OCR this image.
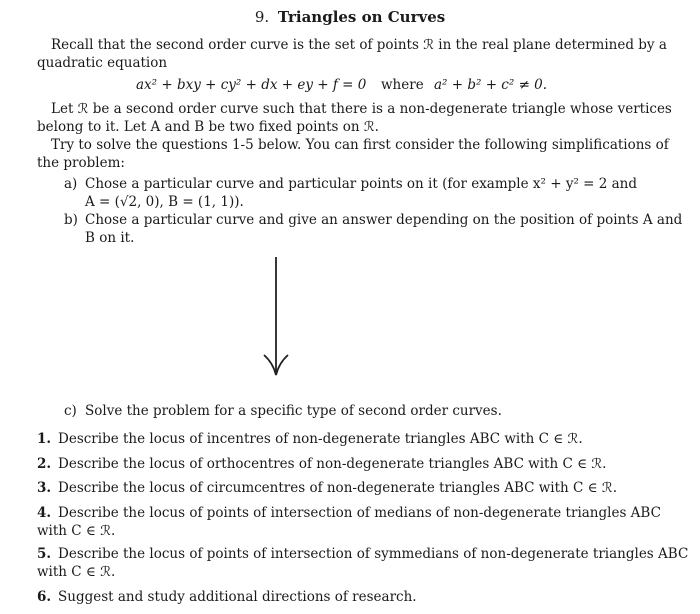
9. Triangles on Curves
Recall that the second order curve is the set of points ℛ in the real plane determined by a
quadratic equation
ax² + bxy + cy² + dx + ey + f = 0 where a² + b² + c² ≠ 0.
Let ℛ be a second order curve such that there is a non-degenerate triangle whose vertices
belong to it. Let A and B be two fixed points on ℛ.
Try to solve the questions 1-5 below. You can first consider the following simplifications of
the problem:
a) Chose a particular curve and particular points on it (for example x² + y² = 2 and
A = (√2, 0), B = (1, 1)).
b) Chose a particular curve and give an answer depending on the position of points A and
B on it.
c) Solve the problem for a specific type of second order curves.
1. Describe the locus of incentres of non-degenerate triangles ABC with C ∈ ℛ.
2. Describe the locus of orthocentres of non-degenerate triangles ABC with C ∈ ℛ.
3. Describe the locus of circumcentres of non-degenerate triangles ABC with C ∈ ℛ.
4. Describe the locus of points of intersection of medians of non-degenerate triangles ABC
with C ∈ ℛ.
5. Describe the locus of points of intersection of symmedians of non-degenerate triangles ABC
with C ∈ ℛ.
6. Suggest and study additional directions of research.
